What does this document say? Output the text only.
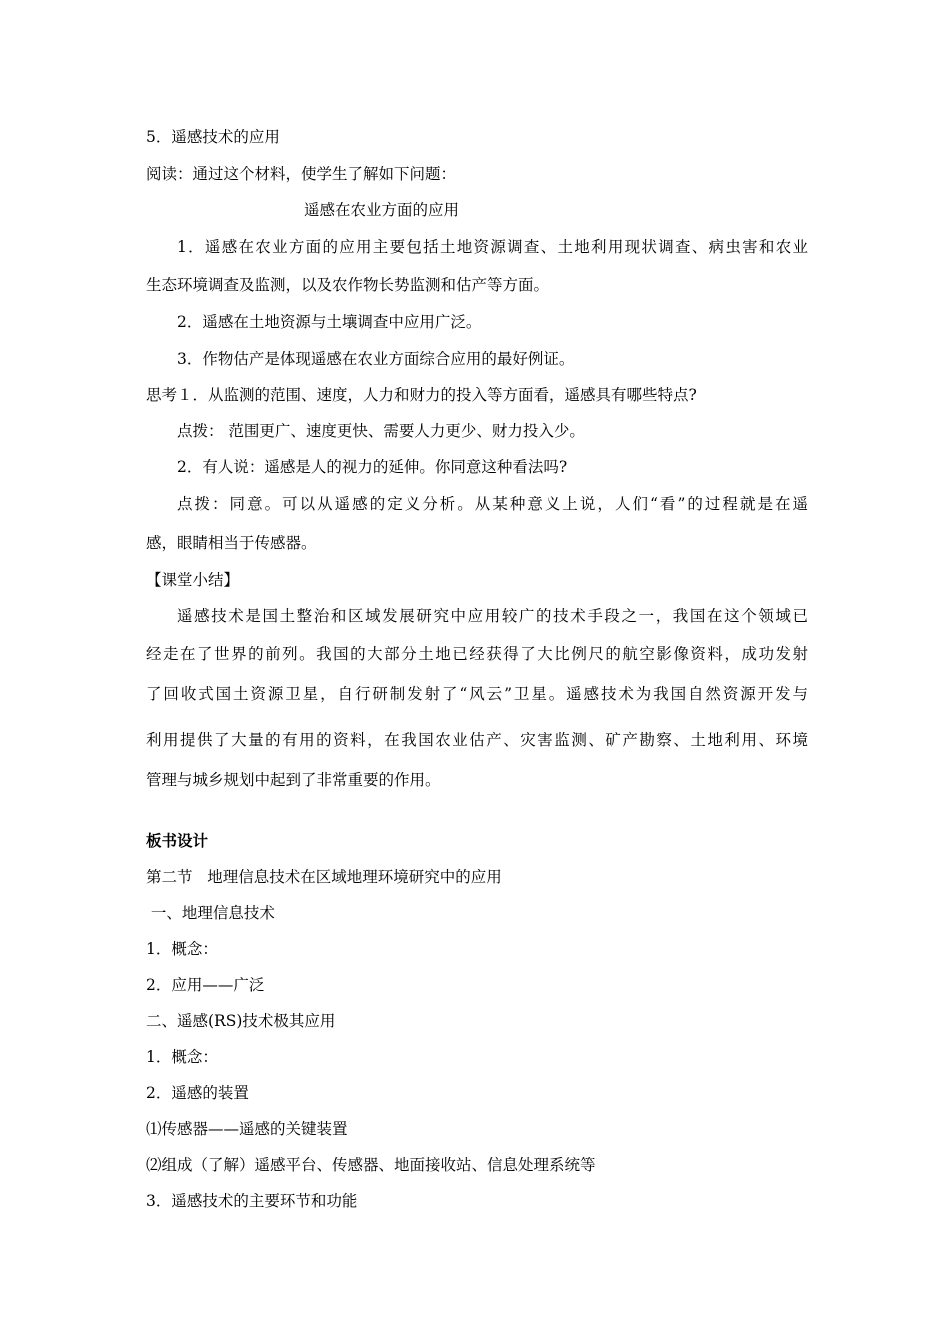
5．遥感技术的应用
阅读：通过这个材料，使学生了解如下问题：
遥感在农业方面的应用
1．遥感在农业方面的应用主要包括土地资源调查、土地利用现状调查、病虫害和农业
生态环境调查及监测，以及农作物长势监测和估产等方面。
2．遥感在土地资源与土壤调查中应用广泛。
3．作物估产是体现遥感在农业方面综合应用的最好例证。
思考１．从监测的范围、速度，人力和财力的投入等方面看，遥感具有哪些特点?
点拨： 范围更广、速度更快、需要人力更少、财力投入少。
2．有人说：遥感是人的视力的延伸。你同意这种看法吗?
点拨：同意。可以从遥感的定义分析。从某种意义上说，人们“看”的过程就是在遥
感，眼睛相当于传感器。
【课堂小结】
遥感技术是国土整治和区域发展研究中应用较广的技术手段之一，我国在这个领域已
经走在了世界的前列。我国的大部分土地已经获得了大比例尺的航空影像资料，成功发射
了回收式国土资源卫星，自行研制发射了“风云”卫星。遥感技术为我国自然资源开发与
利用提供了大量的有用的资料，在我国农业估产、灾害监测、矿产勘察、土地利用、环境
管理与城乡规划中起到了非常重要的作用。
板书设计
第二节   地理信息技术在区域地理环境研究中的应用
一、地理信息技术
1．概念：
2．应用——广泛
二、遥感(RS)技术极其应用
1．概念：
2．遥感的装置
⑴传感器——遥感的关键装置
⑵组成（了解）遥感平台、传感器、地面接收站、信息处理系统等
3．遥感技术的主要环节和功能
